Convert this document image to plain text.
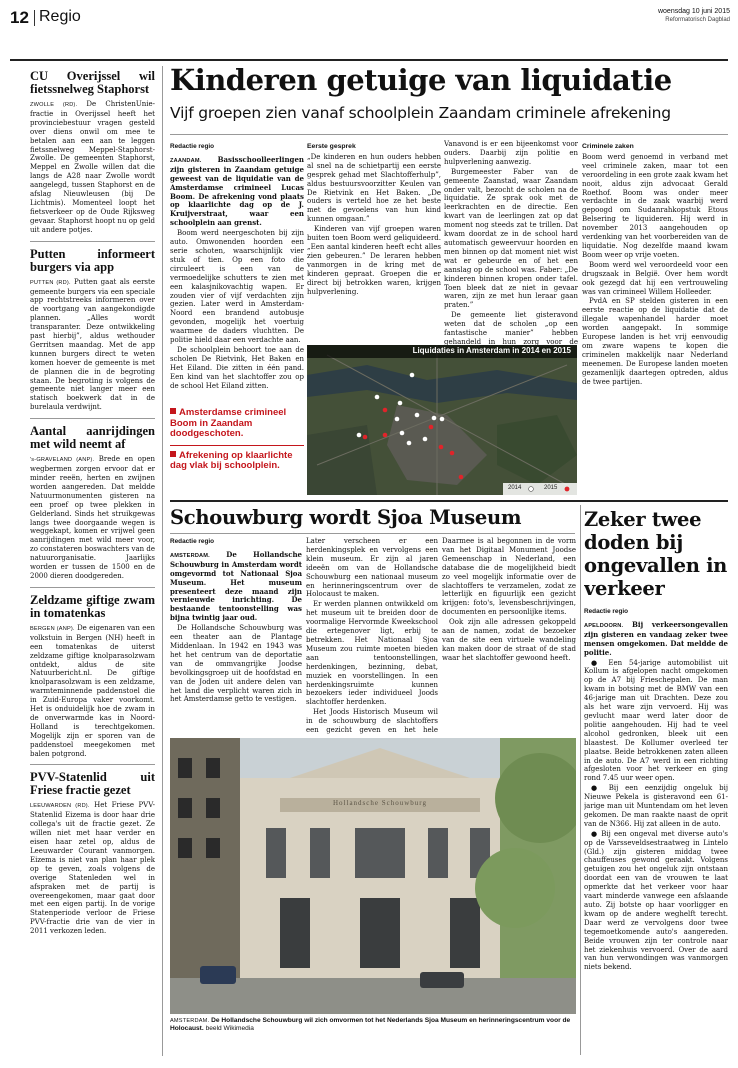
12 Regio	woensdag 10 juni 2015
Reformatorisch Dagblad
CU Overijssel wil fietssnelweg Staphorst

ZWOLLE (RD). De ChristenUnie-fractie in Overijssel heeft het provinciebestuur vragen gesteld over diens onwil om mee te betalen aan een aan te leggen fietssnelweg Meppel-Staphorst-Zwolle. De gemeenten Staphorst, Meppel en Zwolle willen dat die langs de A28 naar Zwolle wordt aangelegd, tussen Staphorst en de afslag Nieuwleusen (bij De Lichtmis). Momenteel loopt het fietsverkeer op de Oude Rijksweg gevaar. Staphorst hoopt nu op geld uit andere potjes.

Putten informeert burgers via app

PUTTEN (RD). Putten gaat als eerste gemeente burgers via een speciale app rechtstreeks informeren over de voortgang van aangekondigde plannen. „Alles wordt transparanter. Deze ontwikkeling past hierbij”, aldus wethouder Gerritsen maandag. Met de app kunnen burgers direct te weten komen hoever de gemeente is met de plannen die in de begroting staan. De begroting is volgens de gemeente niet langer meer een statisch boekwerk dat in de burelaula verdwijnt.

Aantal aanrijdingen met wild neemt af

's-GRAVELAND (ANP). Brede en open wegbermen zorgen ervoor dat er minder reeën, herten en zwijnen worden aangereden. Dat meldde Natuurmonumenten gisteren na een proef op twee plekken in Gelderland. Sinds het struikgewas langs twee doorgaande wegen is weggekapt, komen er vrijwel geen aanrijdingen met wild meer voor, zo constateren boswachters van de natuurorganisatie. Jaarlijks worden er tussen de 1500 en de 2000 dieren doodgereden.

Zeldzame giftige zwam in tomatenkas

BERGEN (ANP). De eigenaren van een volkstuin in Bergen (NH) heeft in een tomatenkas de uiterst zeldzame giftige knolparasolzwam ontdekt, aldus de site Natuurbericht.nl. De giftige knolparasolzwam is een zeldzame, warmteminnende paddenstoel die in Zuid-Europa vaker voorkomt. Het is onduidelijk hoe de zwam in de onverwarmde kas in Noord-Holland is terechtgekomen. Mogelijk zijn er sporen van de paddenstoel meegekomen met balen potgrond.

PVV-Statenlid uit Friese fractie gezet

LEEUWARDEN (RD). Het Friese PVV-Statenlid Eizema is door haar drie collega's uit de fractie gezet. Ze willen niet met haar verder en eisen haar zetel op, aldus de Leeuwarder Courant vanmorgen. Eizema is niet van plan haar plek op te geven, zoals volgens de overige Statenleden wel in afspraken met de partij is overeengekomen, maar gaat door met een eigen partij. In de vorige Statenperiode verloor de Friese PVV-fractie drie van de vier in 2011 verkozen leden.

Kinderen getuige van liquidatie
Vijf groepen zien vanaf schoolplein Zaandam criminele afrekening
Redactie regio

ZAANDAM. Basisschoolleerlingen zijn gisteren in Zaandam getuige geweest van de liquidatie van de Amsterdamse crimineel Lucas Boom. De afrekening vond plaats op klaarlichte dag op de J. Kruijverstraat, waar een schoolplein aan grenst.

Boom werd neergeschoten bij zijn auto. Omwonenden hoorden een serie schoten, waarschijnlijk vier stuk of tien. Op een foto die circuleert is een van de vermoedelijke schutters te zien met een kalasjnikovachtig wapen. Er zouden vier of vijf verdachten zijn gezien. Later werd in Amsterdam-Noord een brandend autobusje gevonden, mogelijk het voertuig waarmee de daders vluchtten. De politie hield daar een verdachte aan.

De schoolplein behoort toe aan de scholen De Rietvink, Het Baken en Het Eiland. Die zitten in één pand. Een kind van het slachtoffer zou op de school Het Eiland zitten.

Eerste gesprek

„De kinderen en hun ouders hebben al snel na de schietpartij een eerste gesprek gehad met Slachtofferhulp”, aldus bestuursvoorzitter Keulen van De Rietvink en Het Baken. „De ouders is verteld hoe ze het beste met de gevoelens van hun kind kunnen omgaan.”

Kinderen van vijf groepen waren buiten toen Boom werd geliquideerd. „Een aantal kinderen heeft echt alles zien gebeuren.” De leraren hebben vanmorgen in de kring met de kinderen gepraat. Groepen die er direct bij betrokken waren, krijgen hulpverlening.

Vanavond is er een bijeenkomst voor ouders. Daarbij zijn politie en hulpverlening aanwezig.

Burgemeester Faber van de gemeente Zaanstad, waar Zaandam onder valt, bezocht de scholen na de liquidatie. Ze sprak ook met de leerkrachten en de directie. Een kwart van de leerlingen zat op dat moment nog steeds zat te trillen. Dat kwam doordat ze in de school hard automatisch geweervuur hoorden en men binnen op dat moment niet wist wat er gebeurde en of het een aanslag op de school was. Faber: „De kinderen binnen kropen onder tafel. Toen bleek dat ze niet in gevaar waren, zijn ze met hun leraar gaan praten.”

De gemeente liet gisteravond weten dat de scholen „op een fantastische manier” hebben gehandeld in hun zorg voor de

Criminele zaken

Boom werd genoemd in verband met veel criminele zaken, maar tot een veroordeling in een grote zaak kwam het nooit, aldus zijn advocaat Gerald Roethof. Boom was onder meer verdachte in de zaak waarbij werd gepoogd om Sudanrahkopstuk Etous Belsering te liquideren. Hij werd in november 2013 aangehouden op verdenking van het voorbereiden van de liquidatie. Nog dezelfde maand kwam Boom weer op vrije voeten.

Boom werd wel veroordeeld voor een drugszaak in België. Over hem wordt ook gezegd dat hij een vertrouweling was van crimineel Willem Holleeder.

PvdA en SP stelden gisteren in een eerste reactie op de liquidatie dat de illegale wapenhandel harder moet worden aangepakt. In sommige Europese landen is het vrij eenvoudig om zware wapens te kopen die criminelen makkelijk naar Nederland meenemen. De Europese landen moeten gezamenlijk daartegen optreden, aldus de twee partijen.

Amsterdamse crimineel Boom in Zaandam doodgeschoten.
Afrekening op klaarlichte dag vlak bij schoolplein.
Liquidaties in Amsterdam in 2014 en 2015
2014	2015
Schouwburg wordt Sjoa Museum
Redactie regio

AMSTERDAM. De Hollandsche Schouwburg in Amsterdam wordt omgevormd tot Nationaal Sjoa Museum. Het museum presenteert deze maand zijn vernieuwde inrichting. De bestaande tentoonstelling was bijna twintig jaar oud.

De Hollandsche Schouwburg was een theater aan de Plantage Middenlaan. In 1942 en 1943 was het het centrum van de deportatie van de ommvangrijke Joodse bevolkingsgroep uit de hoofdstad en van de Joden uit andere delen van het land die verplicht waren zich in het Amsterdamse getto te vestigen.

Later verscheen er een herdenkingsplek en vervolgens een klein museum. Er zijn al jaren ideeën om van de Hollandsche Schouwburg een nationaal museum en herinneringscentrum over de Holocaust te maken.

Er werden plannen ontwikkeld om het museum uit te breiden door de voormalige Hervormde Kweekschool die ertegenover ligt, erbij te betrekken. Het Nationaal Sjoa Museum zou ruimte moeten bieden aan tentoonstellingen, herdenkingen, bezinning, debat, muziek en voorstellingen. In een herdenkingsruimte kunnen bezoekers ieder individueel Joods slachtoffer herdenken.

Het Joods Historisch Museum wil in de schouwburg de slachtoffers een gezicht geven en het hele

Daarmee is al begonnen in de vorm van het Digitaal Monument Joodse Gemeenschap in Nederland, een database die de mogelijkheid biedt zo veel mogelijk informatie over de slachtoffers te verzamelen, zodat ze letterlijk en figuurlijk een gezicht krijgen: foto's, levensbeschrijvingen, documenten en persoonlijke items.

Ook zijn alle adressen gekoppeld aan de namen, zodat de bezoeker van de site een virtuele wandeling kan maken door de straat of de stad waar het slachtoffer gewoond heeft.

Hollandsche Schouwburg
AMSTERDAM. De Hollandsche Schouwburg wil zich omvormen tot het Nederlands Sjoa Museum en herinneringscentrum voor de Holocaust. beeld Wikimedia
Zeker twee doden bij ongevallen in verkeer
Redactie regio

APELDOORN. Bij verkeersongevallen zijn gisteren en vandaag zeker twee mensen omgekomen. Dat meldde de politie.

● Een 54-jarige automobilist uit Kollum is afgelopen nacht omgekomen op de A7 bij Frieschepalen. De man kwam in botsing met de BMW van een 46-jarige man uit Drachten. Deze zou als het ware zijn vervoerd. Hij was gevlucht maar werd later door de politie aangehouden. Hij had te veel alcohol gedronken, bleek uit een blaastest. De Kollumer overleed ter plaatse. Beide betrokkenen zaten alleen in de auto. De A7 werd in een richting afgesloten voor het verkeer en ging rond 7.45 uur weer open.

● Bij een eenzijdig ongeluk bij Nieuwe Pekela is gisteravond een 61-jarige man uit Muntendam om het leven gekomen. De man raakte naast de oprit van de N366. Hij zat alleen in de auto.

● Bij een ongeval met diverse auto's op de Varsseveldsestraatweg in Lintelo (Gld.) zijn gisteren middag twee chauffeuses gewond geraakt. Volgens getuigen zou het ongeluk zijn ontstaan doordat een van de vrouwen te laat opmerkte dat het verkeer voor haar vaart minderde vanwege een afslaande auto. Zij botste op haar voorligger en kwam op de andere weghelft terecht. Daar werd ze vervolgens door twee tegemoetkomende auto's aangereden. Beide vrouwen zijn ter controle naar het ziekenhuis vervoerd. Over de aard van hun verwondingen was vanmorgen niets bekend.
